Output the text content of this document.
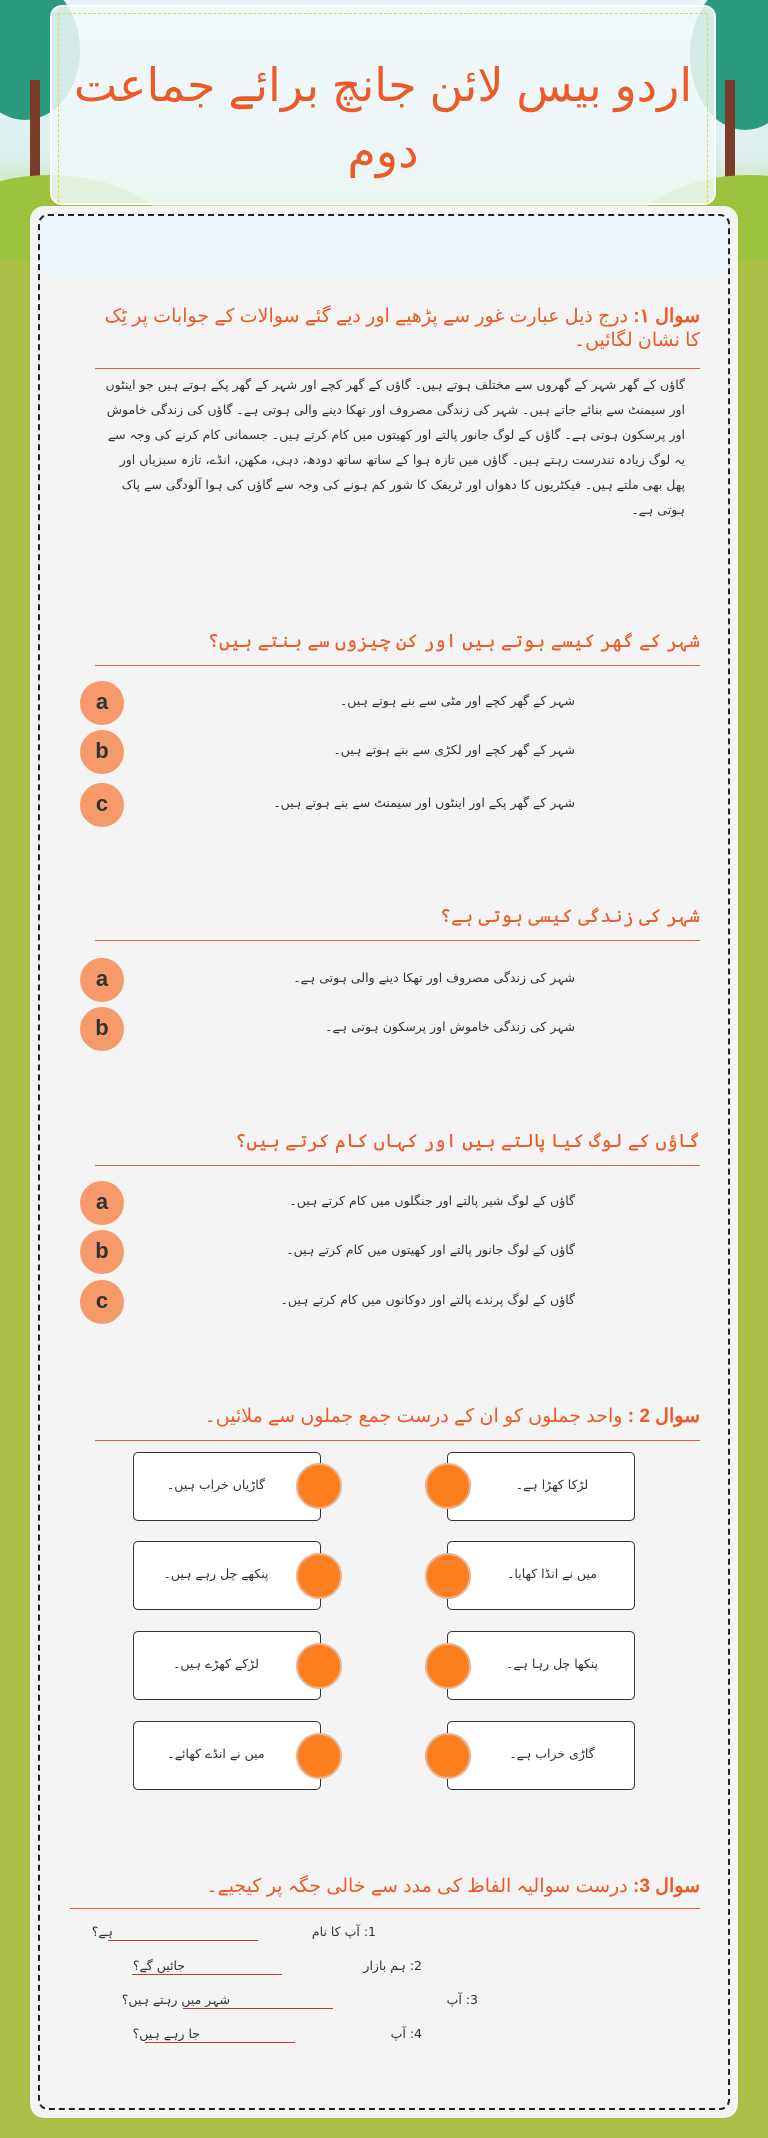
اردو بیس لائن جانچ برائے جماعت دوم
سوال ۱: درج ذیل عبارت غور سے پڑھیے اور دیے گئے سوالات کے جوابات پر ٹِک کا نشان لگائیں۔
گاؤں کے گھر شہر کے گھروں سے مختلف ہوتے ہیں۔ گاؤں کے گھر کچے اور شہر کے گھر پکے ہوتے ہیں جو اینٹوں اور سیمنٹ سے بنائے جاتے ہیں۔ شہر کی زندگی مصروف اور تھکا دینے والی ہوتی ہے۔ گاؤں کی زندگی خاموش اور پرسکون ہوتی ہے۔ گاؤں کے لوگ جانور پالتے اور کھیتوں میں کام کرتے ہیں۔ جسمانی کام کرنے کی وجہ سے یہ لوگ زیادہ تندرست رہتے ہیں۔ گاؤں میں تازہ ہوا کے ساتھ ساتھ دودھ، دہی، مکھن، انڈے، تازہ سبزیاں اور پھل بھی ملتے ہیں۔ فیکٹریوں کا دھواں اور ٹریفک کا شور کم ہونے کی وجہ سے گاؤں کی ہوا آلودگی سے پاک ہوتی ہے۔
شہر کے گھر کیسے ہوتے ہیں اور کن چیزوں سے بنتے ہیں؟
a	شہر کے گھر کچے اور مٹی سے بنے ہوتے ہیں۔
b	شہر کے گھر کچے اور لکڑی سے بنے ہوتے ہیں۔
c	شہر کے گھر پکے اور اینٹوں اور سیمنٹ سے بنے ہوتے ہیں۔
شہر کی زندگی کیسی ہوتی ہے؟
a	شہر کی زندگی مصروف اور تھکا دینے والی ہوتی ہے۔
b	شہر کی زندگی خاموش اور پرسکون ہوتی ہے۔
گاؤں کے لوگ کیا پالتے ہیں اور کہاں کام کرتے ہیں؟
a	گاؤں کے لوگ شیر پالتے اور جنگلوں میں کام کرتے ہیں۔
b	گاؤں کے لوگ جانور پالتے اور کھیتوں میں کام کرتے ہیں۔
c	گاؤں کے لوگ پرندے پالتے اور دوکانوں میں کام کرتے ہیں۔
سوال 2 : واحد جملوں کو ان کے درست جمع جملوں سے ملائیں۔
گاڑیاں خراب ہیں۔
پنکھے چل رہے ہیں۔
لڑکے کھڑے ہیں۔
میں نے انڈے کھائے۔
لڑکا کھڑا ہے۔
میں نے انڈا کھایا۔
پنکھا چل رہا ہے۔
گاڑی خراب ہے۔
سوال 3: درست سوالیہ الفاظ کی مدد سے خالی جگہ پر کیجیے۔
1: آپ کا نام
ہے؟
2: ہم بازار
جائیں گے؟
3: آپ
شہر میں رہتے ہیں؟
4: آپ
جا رہے ہیں؟
